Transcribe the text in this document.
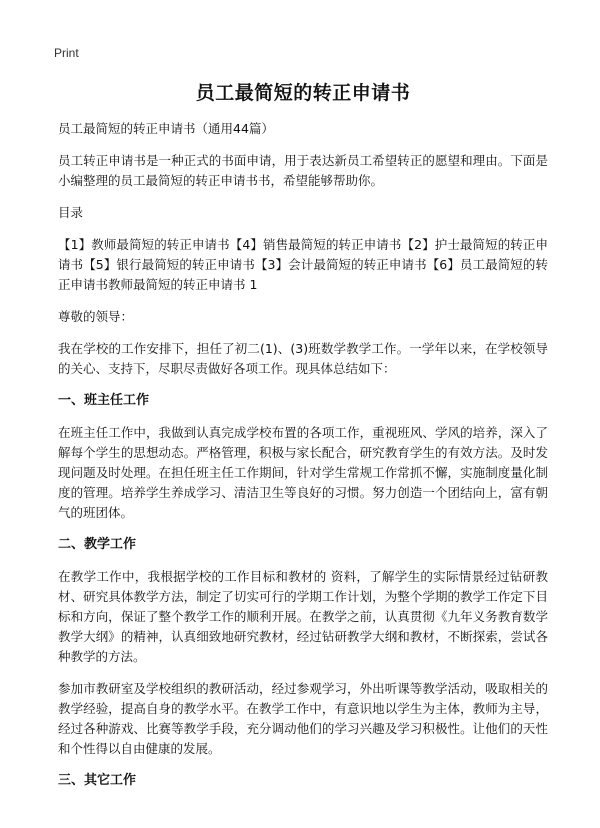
Print
员工最简短的转正申请书
员工最简短的转正申请书（通用44篇）
员工转正申请书是一种正式的书面申请，用于表达新员工希望转正的愿望和理由。下面是小编整理的员工最简短的转正申请书书，希望能够帮助你。
目录
【1】教师最简短的转正申请书【4】销售最简短的转正申请书【2】护士最简短的转正申请书【5】银行最简短的转正申请书【3】会计最简短的转正申请书【6】员工最简短的转正申请书教师最简短的转正申请书 1
尊敬的领导：
我在学校的工作安排下，担任了初二(1)、(3)班数学教学工作。一学年以来，在学校领导的关心、支持下，尽职尽责做好各项工作。现具体总结如下：
一、班主任工作
在班主任工作中，我做到认真完成学校布置的各项工作，重视班风、学风的培养，深入了解每个学生的思想动态。严格管理，积极与家长配合，研究教育学生的有效方法。及时发现问题及时处理。在担任班主任工作期间，针对学生常规工作常抓不懈，实施制度量化制度的管理。培养学生养成学习、清洁卫生等良好的习惯。努力创造一个团结向上，富有朝气的班团体。
二、教学工作
在教学工作中，我根据学校的工作目标和教材的 资料，了解学生的实际情景经过钻研教材、研究具体教学方法，制定了切实可行的学期工作计划，为整个学期的教学工作定下目标和方向，保证了整个教学工作的顺利开展。在教学之前，认真贯彻《九年义务教育数学教学大纲》的精神，认真细致地研究教材，经过钻研教学大纲和教材，不断探索，尝试各种教学的方法。
参加市教研室及学校组织的教研活动，经过参观学习，外出听课等教学活动，吸取相关的教学经验，提高自身的教学水平。在教学工作中，有意识地以学生为主体，教师为主导，经过各种游戏、比赛等教学手段，充分调动他们的学习兴趣及学习积极性。让他们的天性和个性得以自由健康的发展。
三、其它工作
